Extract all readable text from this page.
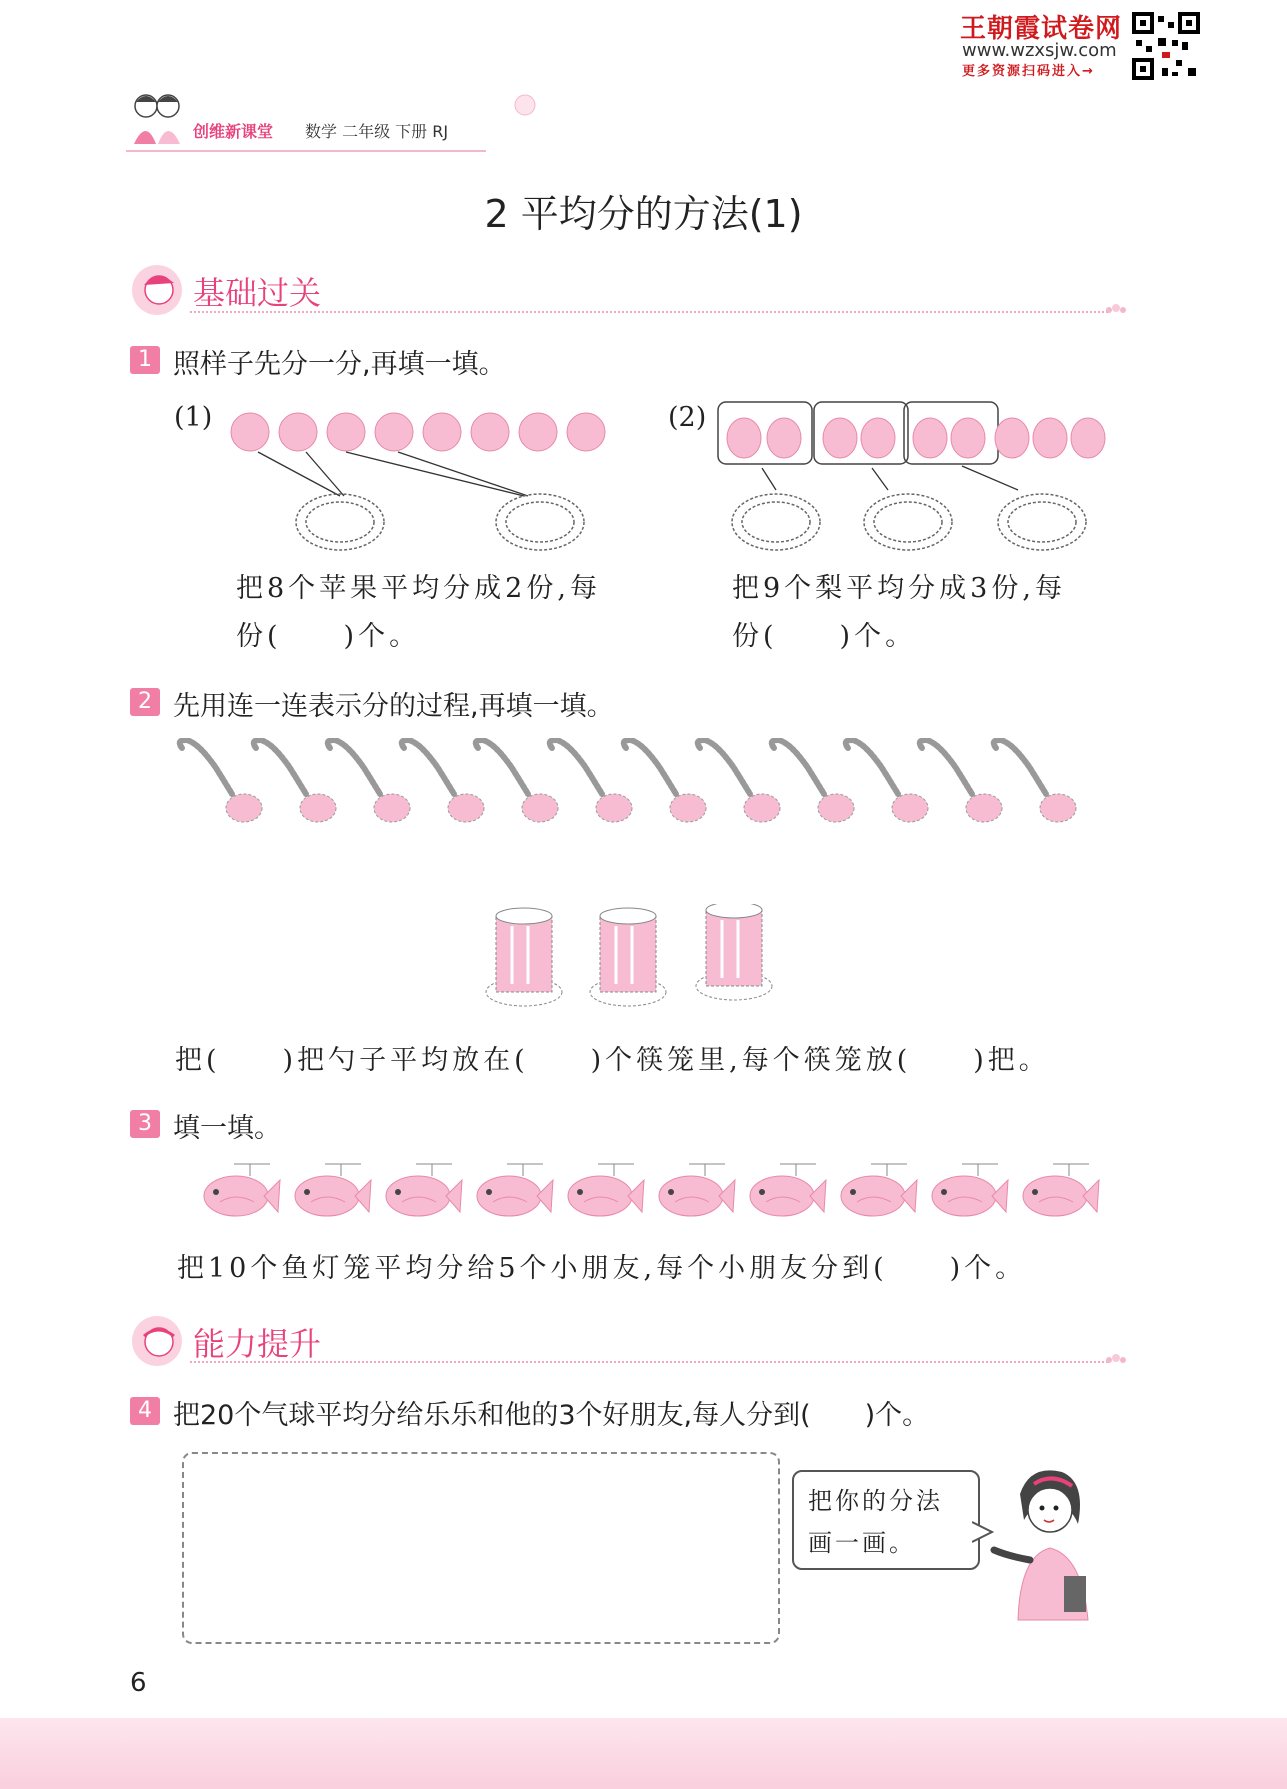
王朝霞试卷网
www.wzxsjw.com
更多资源扫码进入→
创维新课堂 数学 二年级 下册 RJ
2 平均分的方法(1)
基础过关
1 照样子先分一分,再填一填。
(1)
把8个苹果平均分成2份,每
份(　　)个。
(2)
把9个梨平均分成3份,每
份(　　)个。
2 先用连一连表示分的过程,再填一填。
把(　　)把勺子平均放在(　　)个筷笼里,每个筷笼放(　　)把。
3 填一填。
把10个鱼灯笼平均分给5个小朋友,每个小朋友分到(　　)个。
能力提升
4 把20个气球平均分给乐乐和他的3个好朋友,每人分到(　　)个。
把你的分法
画一画。
6
